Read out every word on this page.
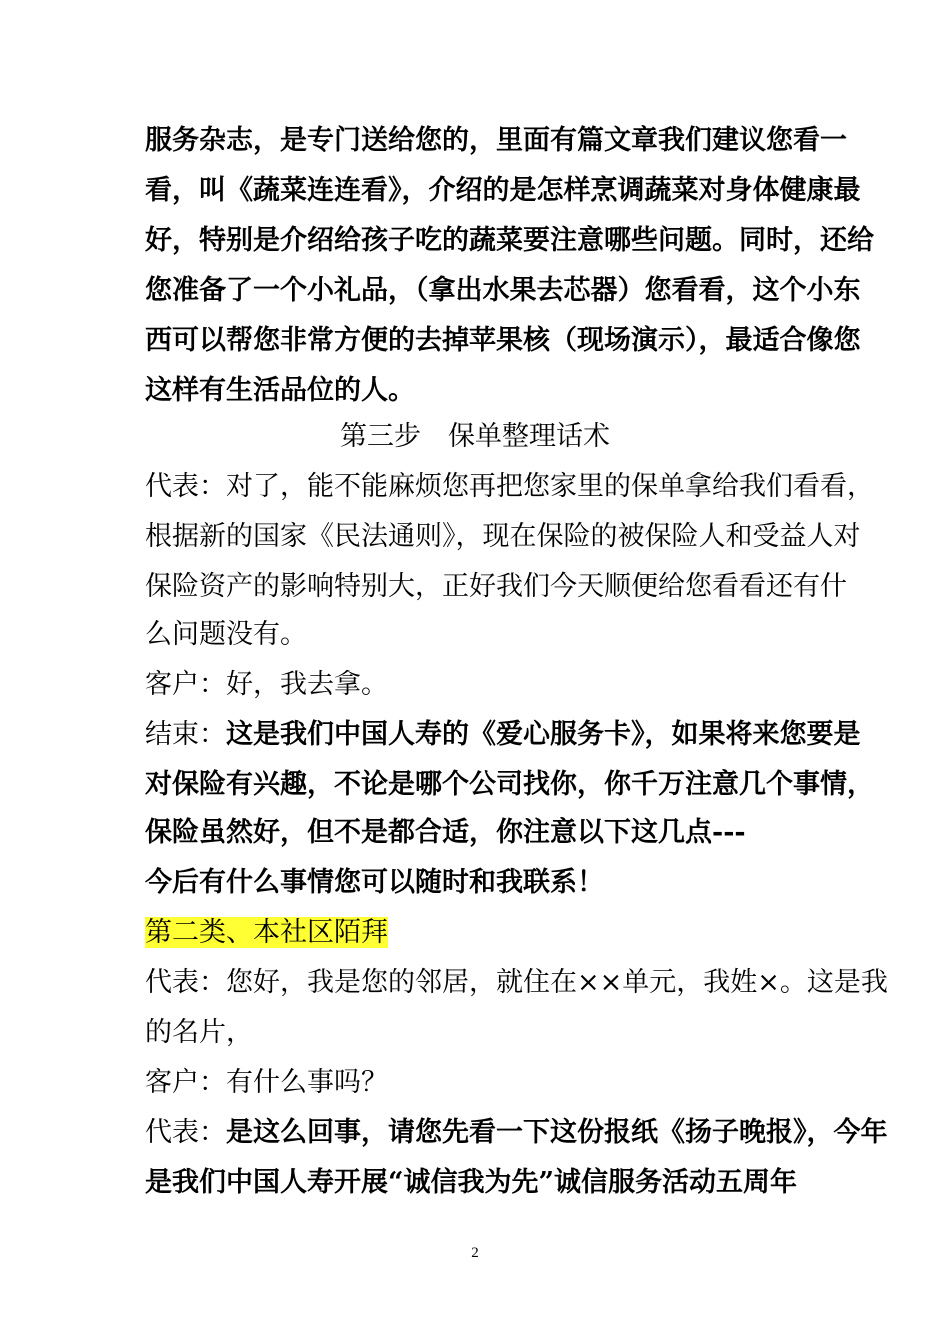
服务杂志，是专门送给您的，里面有篇文章我们建议您看一
看，叫《蔬菜连连看》，介绍的是怎样烹调蔬菜对身体健康最
好，特别是介绍给孩子吃的蔬菜要注意哪些问题。同时，还给
您准备了一个小礼品，（拿出水果去芯器）您看看，这个小东
西可以帮您非常方便的去掉苹果核（现场演示），最适合像您
这样有生活品位的人。
第三步　保单整理话术
代表：对了，能不能麻烦您再把您家里的保单拿给我们看看，
根据新的国家《民法通则》，现在保险的被保险人和受益人对
保险资产的影响特别大，正好我们今天顺便给您看看还有什
么问题没有。
客户：好，我去拿。
结束：这是我们中国人寿的《爱心服务卡》，如果将来您要是
对保险有兴趣，不论是哪个公司找你，你千万注意几个事情，
保险虽然好，但不是都合适，你注意以下这几点---
今后有什么事情您可以随时和我联系！
第二类、本社区陌拜
代表：您好，我是您的邻居，就住在××单元，我姓×。这是我
的名片，
客户：有什么事吗？
代表：是这么回事，请您先看一下这份报纸《扬子晚报》，今年
是我们中国人寿开展“诚信我为先”诚信服务活动五周年
2
